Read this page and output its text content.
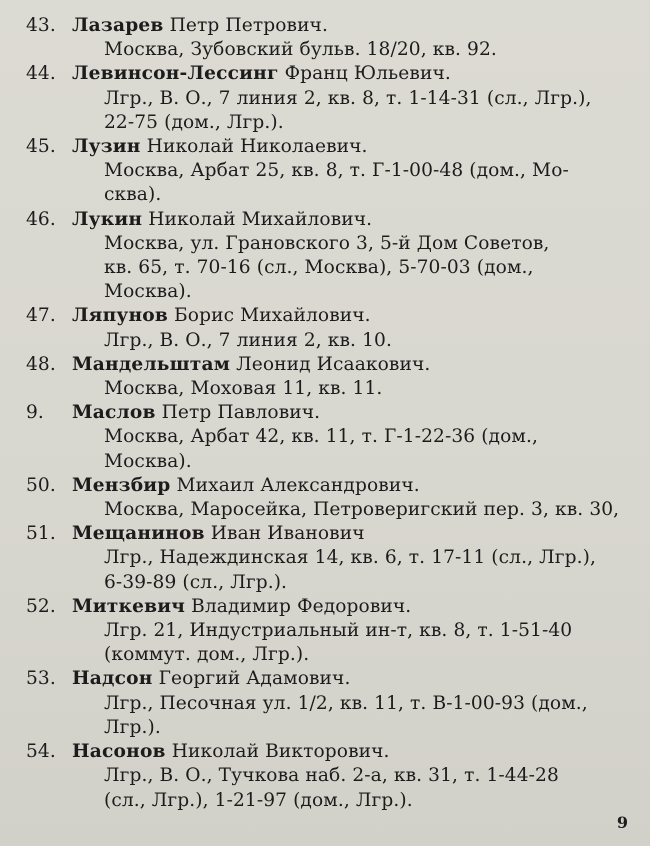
43. Лазарев Петр Петрович.
Москва, Зубовский бульв. 18/20, кв. 92.
44. Левинсон-Лессинг Франц Юльевич.
Лгр., В. О., 7 линия 2, кв. 8, т. 1-14-31 (сл., Лгр.),
22-75 (дом., Лгр.).
45. Лузин Николай Николаевич.
Москва, Арбат 25, кв. 8, т. Г-1-00-48 (дом., Мо-
сква).
46. Лукин Николай Михайлович.
Москва, ул. Грановского 3, 5-й Дом Советов,
кв. 65, т. 70-16 (сл., Москва), 5-70-03 (дом.,
Москва).
47. Ляпунов Борис Михайлович.
Лгр., В. О., 7 линия 2, кв. 10.
48. Мандельштам Леонид Исаакович.
Москва, Моховая 11, кв. 11.
9. Маслов Петр Павлович.
Москва, Арбат 42, кв. 11, т. Г-1-22-36 (дом.,
Москва).
50. Мензбир Михаил Александрович.
Москва, Маросейка, Петроверигский пер. 3, кв. 30,
51. Мещанинов Иван Иванович
Лгр., Надеждинская 14, кв. 6, т. 17-11 (сл., Лгр.),
6-39-89 (сл., Лгр.).
52. Миткевич Владимир Федорович.
Лгр. 21, Индустриальный ин-т, кв. 8, т. 1-51-40
(коммут. дом., Лгр.).
53. Надсон Георгий Адамович.
Лгр., Песочная ул. 1/2, кв. 11, т. В-1-00-93 (дом.,
Лгр.).
54. Насонов Николай Викторович.
Лгр., В. О., Тучкова наб. 2-а, кв. 31, т. 1-44-28
(сл., Лгр.), 1-21-97 (дом., Лгр.).
9
